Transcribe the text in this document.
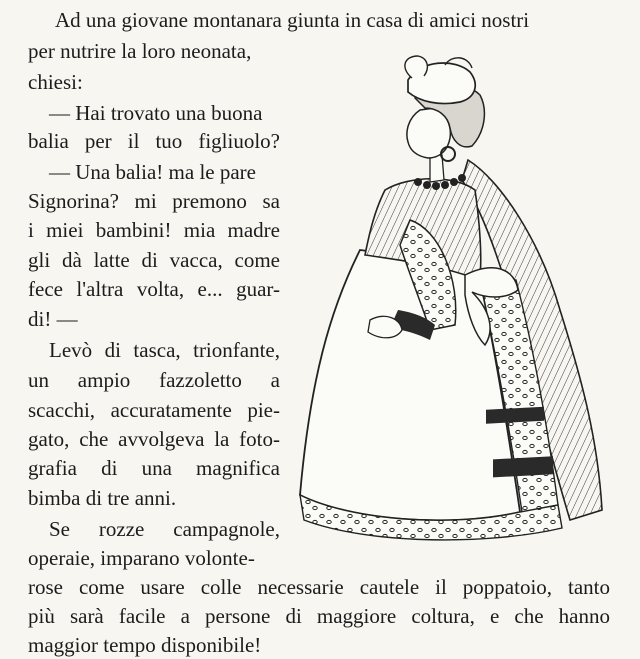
Ad una giovane montanara giunta in casa di amici nostri
per nutrire la loro neonata,
chiesi:
— Hai trovato una buona
balia per il tuo figliuolo?
— Una balia! ma le pare
Signorina? mi premono sa
i miei bambini! mia madre
gli dà latte di vacca, come
fece l'altra volta, e... guar-
di! —
Levò di tasca, trionfante,
un ampio fazzoletto a
scacchi, accuratamente pie-
gato, che avvolgeva la foto-
grafia di una magnifica
bimba di tre anni.
Se rozze campagnole,
operaie, imparano volonte-
rose come usare colle necessarie cautele il poppatoio, tanto
più sarà facile a persone di maggiore coltura, e che hanno
maggior tempo disponibile!
